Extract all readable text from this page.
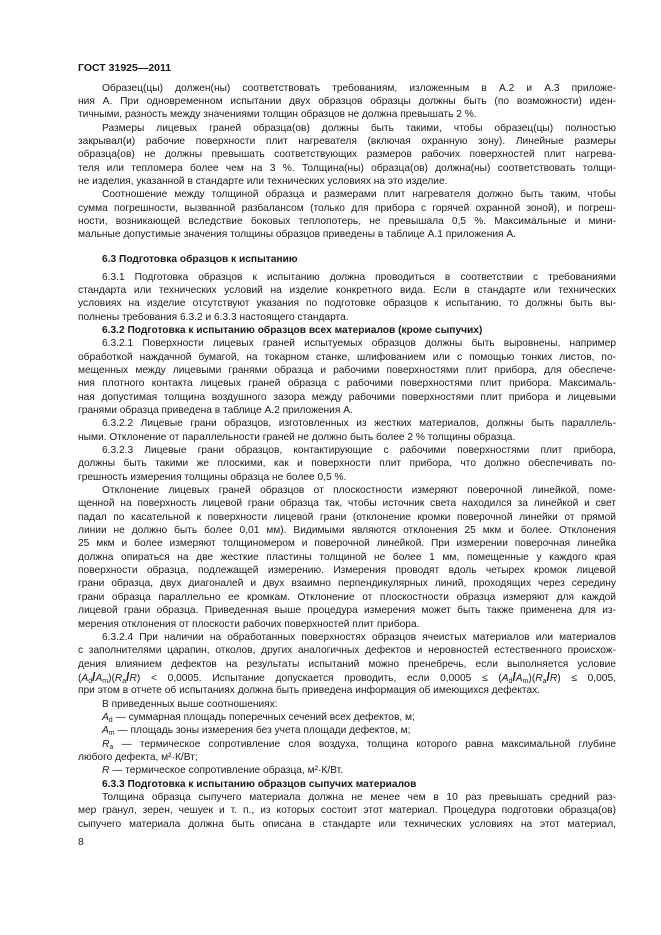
ГОСТ 31925—2011
Образец(цы) должен(ны) соответствовать требованиям, изложенным в А.2 и А.3 приложе-
ния А. При одновременном испытании двух образцов образцы должны быть (по возможности) иден-
тичными, разность между значениями толщин образцов не должна превышать 2 %.
Размеры лицевых граней образца(ов) должны быть такими, чтобы образец(цы) полностью
закрывал(и) рабочие поверхности плит нагревателя (включая охранную зону). Линейные размеры
образца(ов) не должны превышать соответствующих размеров рабочих поверхностей плит нагрева-
теля или тепломера более чем на 3 %. Толщина(ны) образца(ов) должна(ны) соответствовать толщи-
не изделия, указанной в стандарте или технических условиях на это изделие.
Соотношение между толщиной образца и размерами плит нагревателя должно быть таким, чтобы
сумма погрешности, вызванной разбалансом (только для прибора с горячей охранной зоной), и погреш-
ности, возникающей вследствие боковых теплопотерь, не превышала 0,5 %. Максимальные и мини-
мальные допустимые значения толщины образцов приведены в таблице А.1 приложения А.
6.3 Подготовка образцов к испытанию
6.3.1 Подготовка образцов к испытанию должна проводиться в соответствии с требованиями
стандарта или технических условий на изделие конкретного вида. Если в стандарте или технических
условиях на изделие отсутствуют указания по подготовке образцов к испытанию, то должны быть вы-
полнены требования 6.3.2 и 6.3.3 настоящего стандарта.
6.3.2 Подготовка к испытанию образцов всех материалов (кроме сыпучих)
6.3.2.1 Поверхности лицевых граней испытуемых образцов должны быть выровнены, например
обработкой наждачной бумагой, на токарном станке, шлифованием или с помощью тонких листов, по-
мещенных между лицевыми гранями образца и рабочими поверхностями плит прибора, для обеспече-
ния плотного контакта лицевых граней образца с рабочими поверхностями плит прибора. Максималь-
ная допустимая толщина воздушного зазора между рабочими поверхностями плит прибора и лицевыми
гранями образца приведена в таблице А.2 приложения А.
6.3.2.2 Лицевые грани образцов, изготовленных из жестких материалов, должны быть параллель-
ными. Отклонение от параллельности граней не должно быть более 2 % толщины образца.
6.3.2.3 Лицевые грани образцов, контактирующие с рабочими поверхностями плит прибора,
должны быть такими же плоскими, как и поверхности плит прибора, что должно обеспечивать по-
грешность измерения толщины образца не более 0,5 %.
Отклонение лицевых граней образцов от плоскостности измеряют поверочной линейкой, поме-
щенной на поверхность лицевой грани образца так, чтобы источник света находился за линейкой и свет
падал по касательной к поверхности лицевой грани (отклонение кромки поверочной линейки от прямой
линии не должно быть более 0,01 мм). Видимыми являются отклонения 25 мкм и более. Отклонения
25 мкм и более измеряют толщиномером и поверочной линейкой. При измерении поверочная линейка
должна опираться на две жесткие пластины толщиной не более 1 мм, помещенные у каждого края
поверхности образца, подлежащей измерению. Измерения проводят вдоль четырех кромок лицевой
грани образца, двух диагоналей и двух взаимно перпендикулярных линий, проходящих через середину
грани образца параллельно ее кромкам. Отклонение от плоскостности образца измеряют для каждой
лицевой грани образца. Приведенная выше процедура измерения может быть также применена для из-
мерения отклонения от плоскости рабочих поверхностей плит прибора.
6.3.2.4 При наличии на обработанных поверхностях образцов ячеистых материалов или материалов
с заполнителями царапин, отколов, других аналогичных дефектов и неровностей естественного происхож-
дения влиянием дефектов на результаты испытаний можно пренебречь, если выполняется условие
$(A_d/A_m)(R_a/R) < 0,0005$. Испытание допускается проводить, если $0,0005 \le (A_d/A_m)(R_a/R) \le 0,005$,
при этом в отчете об испытаниях должна быть приведена информация об имеющихся дефектах.
В приведенных выше соотношениях:
$A_d$ — суммарная площадь поперечных сечений всех дефектов, м;
$A_m$ — площадь зоны измерения без учета площади дефектов, м;
$R_a$ — термическое сопротивление слоя воздуха, толщина которого равна максимальной глубине
любого дефекта, м²·К/Вт;
R — термическое сопротивление образца, м²·К/Вт.
6.3.3 Подготовка к испытанию образцов сыпучих материалов
Толщина образца сыпучего материала должна не менее чем в 10 раз превышать средний раз-
мер гранул, зерен, чешуек и т. п., из которых состоит этот материал. Процедура подготовки образца(ов)
сыпучего материала должна быть описана в стандарте или технических условиях на этот материал,
8
